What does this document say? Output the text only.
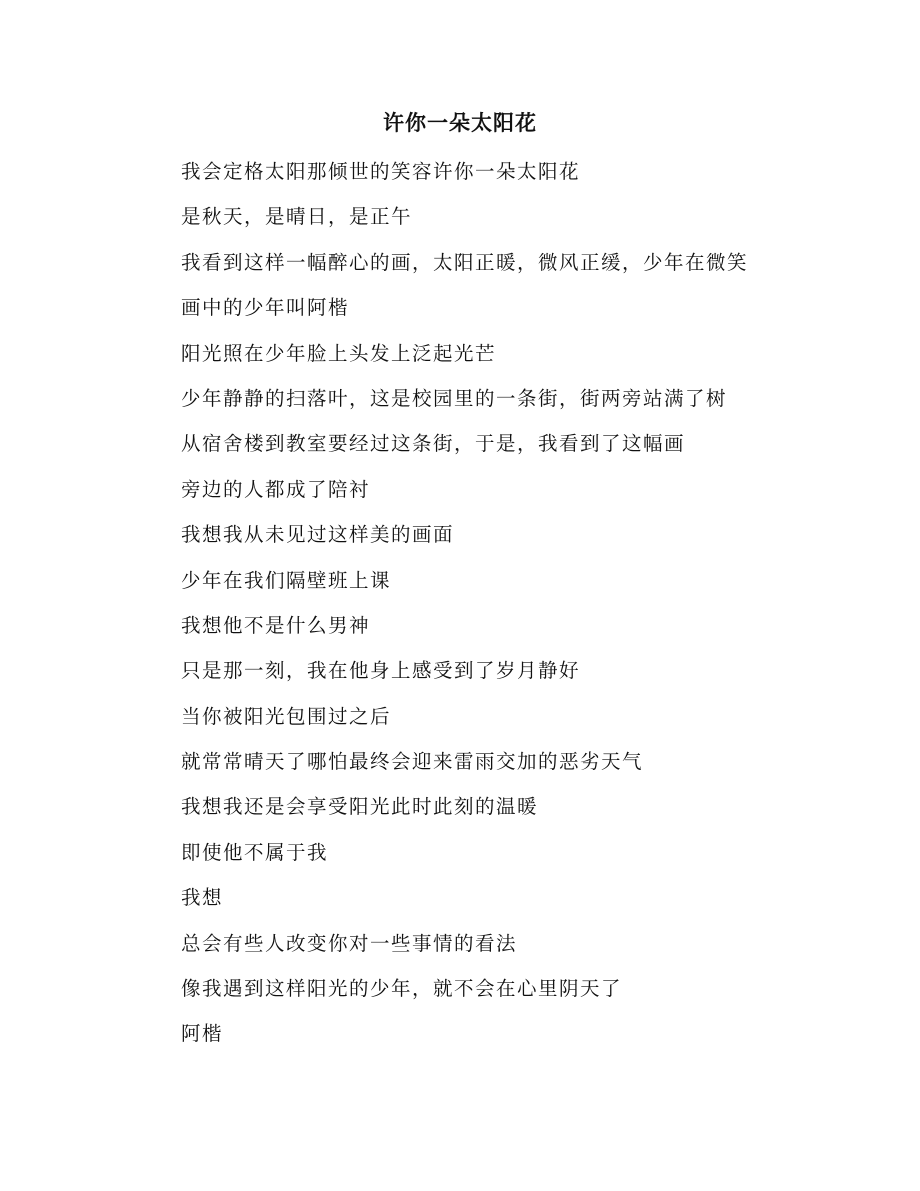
许你一朵太阳花
我会定格太阳那倾世的笑容许你一朵太阳花
是秋天，是晴日，是正午
我看到这样一幅醉心的画，太阳正暖，微风正缓，少年在微笑
画中的少年叫阿楷
阳光照在少年脸上头发上泛起光芒
少年静静的扫落叶，这是校园里的一条街，街两旁站满了树
从宿舍楼到教室要经过这条街，于是，我看到了这幅画
旁边的人都成了陪衬
我想我从未见过这样美的画面
少年在我们隔壁班上课
我想他不是什么男神
只是那一刻，我在他身上感受到了岁月静好
当你被阳光包围过之后
就常常晴天了哪怕最终会迎来雷雨交加的恶劣天气
我想我还是会享受阳光此时此刻的温暖
即使他不属于我
我想
总会有些人改变你对一些事情的看法
像我遇到这样阳光的少年，就不会在心里阴天了
阿楷
